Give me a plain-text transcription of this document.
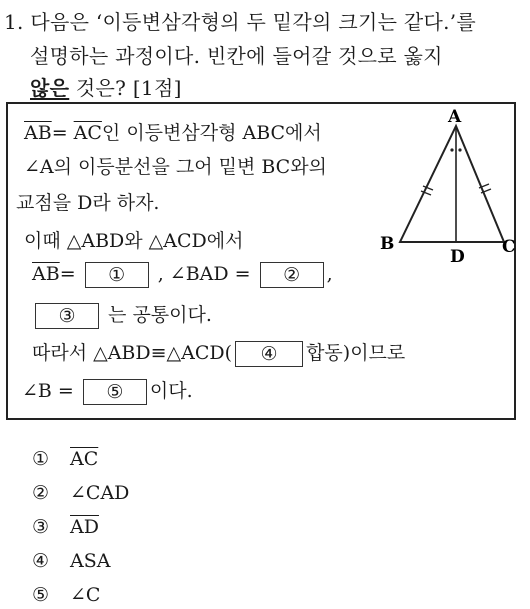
1. 다음은 ‘이등변삼각형의 두 밑각의 크기는 같다.’를
설명하는 과정이다. 빈칸에 들어갈 것으로 옳지
않은 것은? [1점]
$\overline{AB}= \overline{AC}$인 이등변삼각형 ABC에서
∠A의 이등분선을 그어 밑변 BC와의
교점을 D라 하자.
이때 △ABD와 △ACD에서
$\overline{AB}=$ ① , ∠BAD = ② ,
③ 는 공통이다.
따라서 △ABD≡△ACD( ④ 합동)이므로
∠B = ⑤ 이다.
A
B	C
D
① $\overline{AC}$
② ∠CAD
③ $\overline{AD}$
④ ASA
⑤ ∠C
